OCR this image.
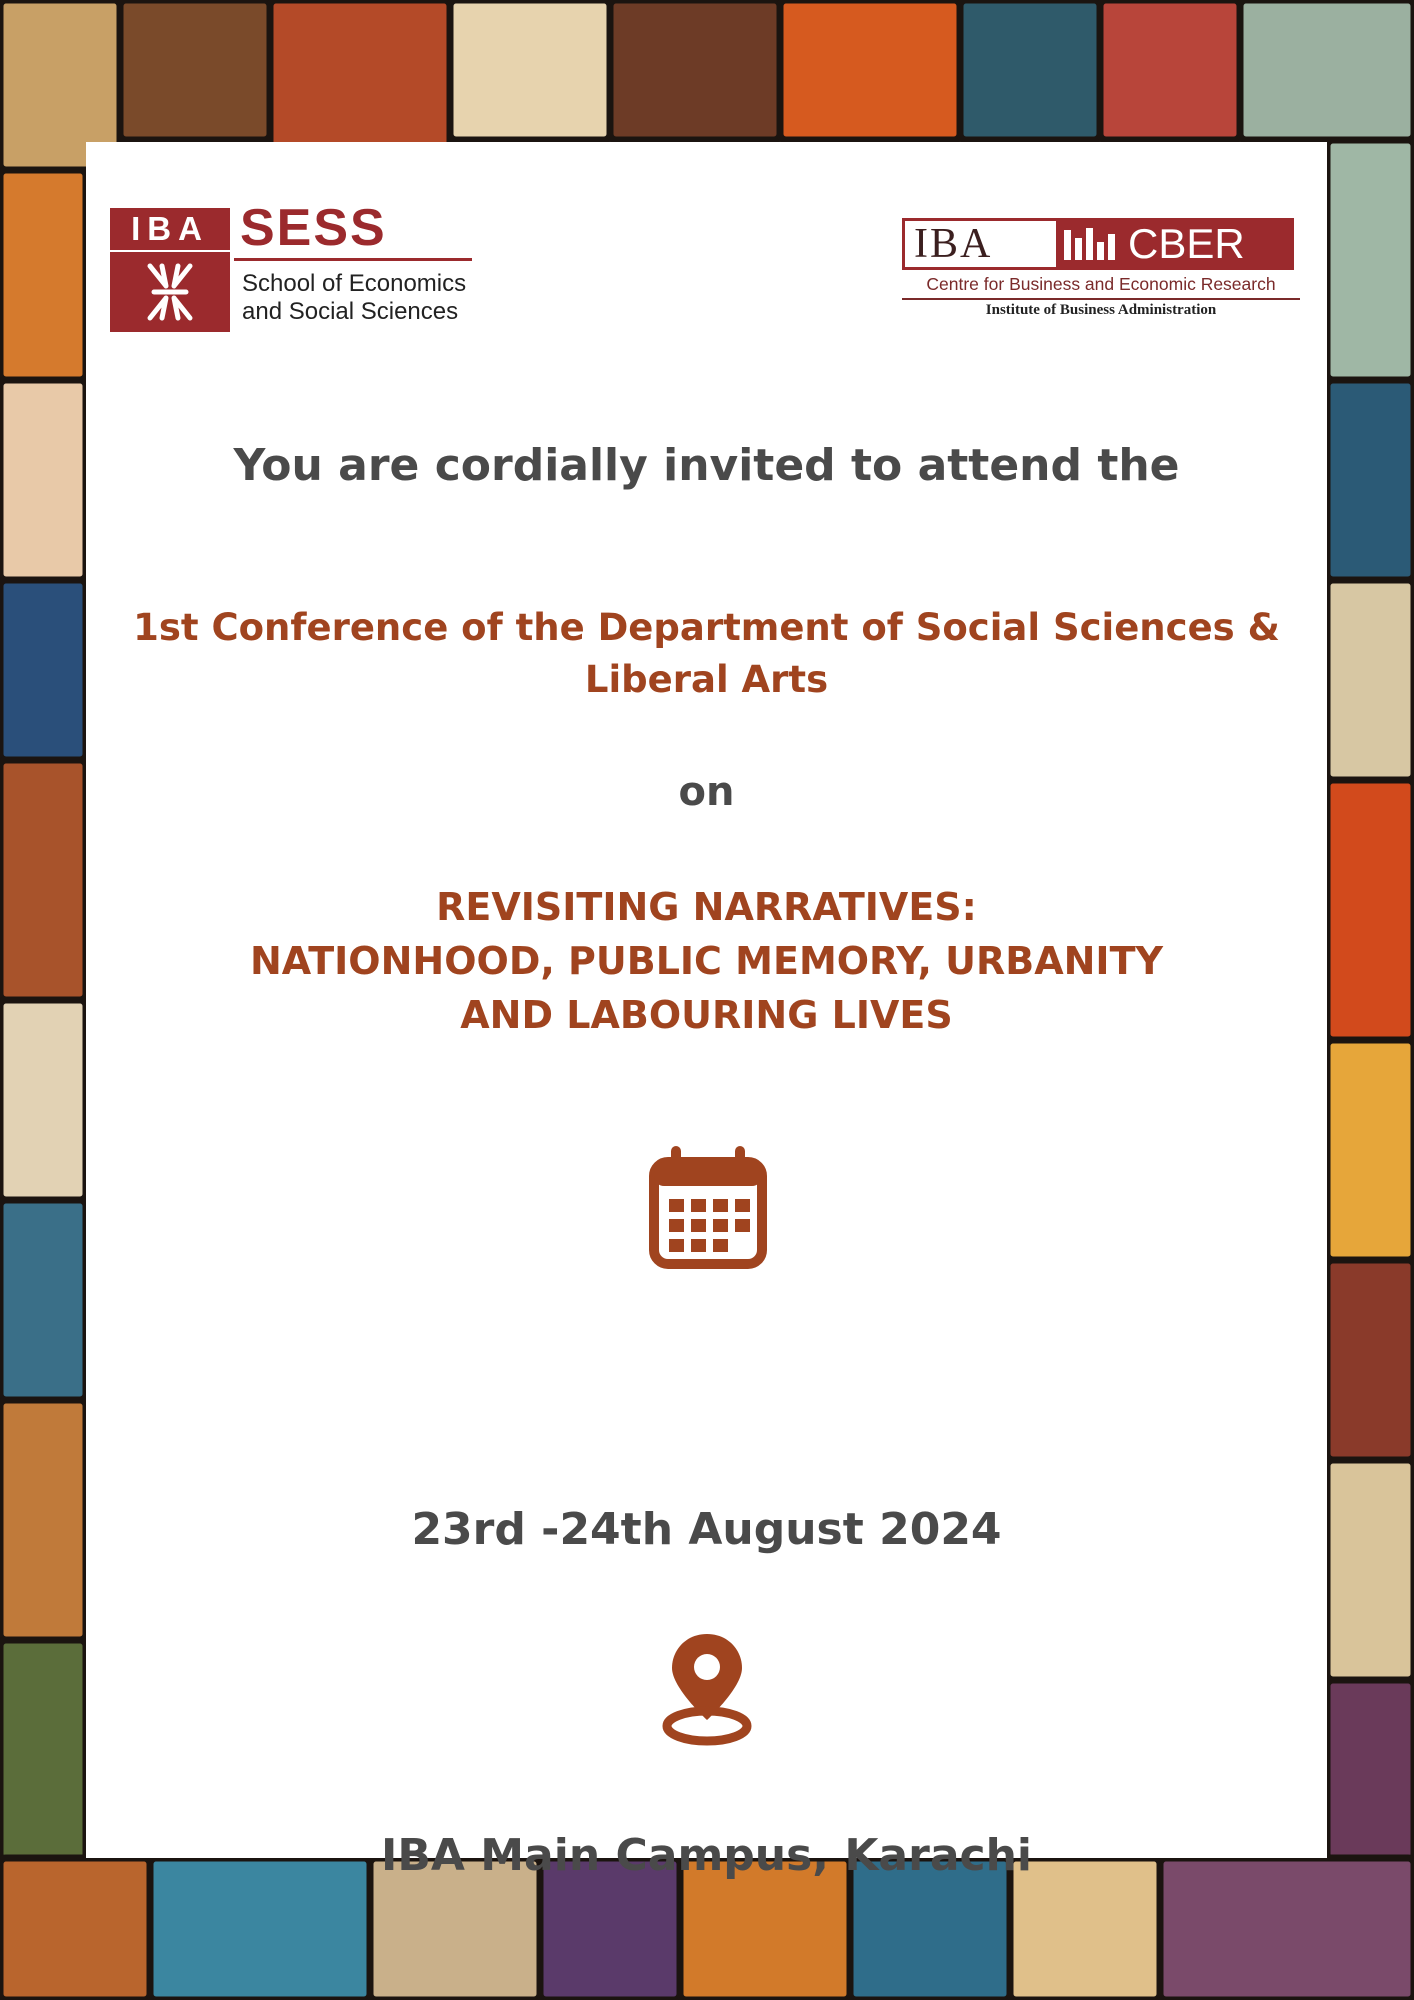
IBA SESS
School of Economics
and Social Sciences
IBA	CBER
Centre for Business and Economic Research
Institute of Business Administration
You are cordially invited to attend the
1st Conference of the Department of Social Sciences &
Liberal Arts
on
REVISITING NARRATIVES:
NATIONHOOD, PUBLIC MEMORY, URBANITY
AND LABOURING LIVES
23rd -24th August 2024
IBA Main Campus, Karachi
